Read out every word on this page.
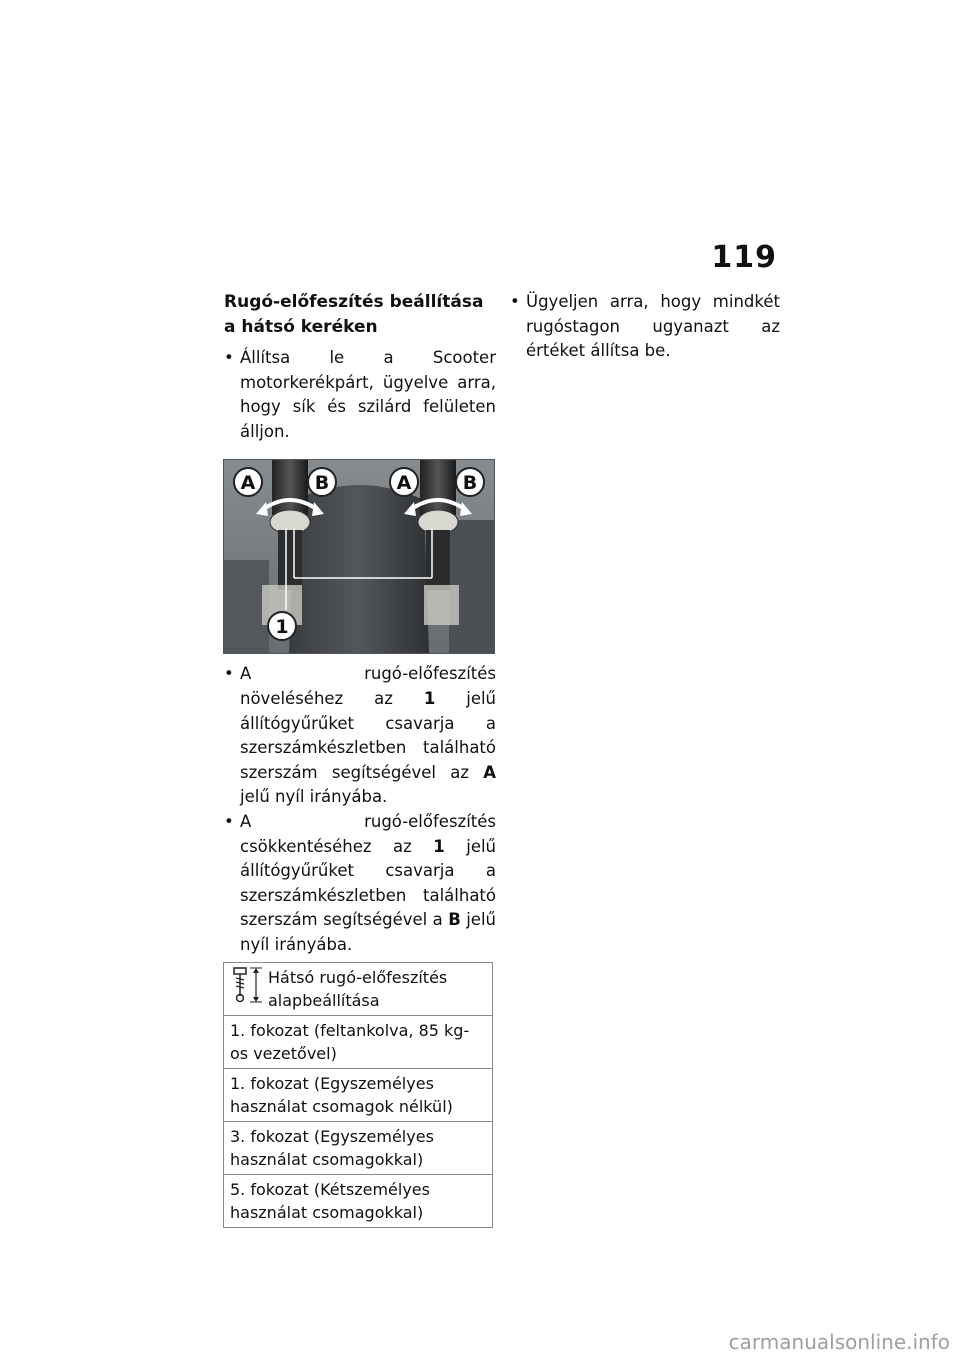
119
Rugó-előfeszítés beállítása a hátsó keréken

• Állítsa le a Scooter motorkerékpárt, ügyelve arra, hogy sík és szilárd felületen álljon.

A	B	A	B
1

• A rugó-előfeszítés növeléséhez az 1 jelű állítógyűrűket csavarja a szerszámkészletben található szerszám segítségével az A jelű nyíl irányába.

• A rugó-előfeszítés csökkentéséhez az 1 jelű állítógyűrűket csavarja a szerszámkészletben található szerszám segítségével a B jelű nyíl irányába.

Hátsó rugó-előfeszítés alapbeállítása

1. fokozat (feltankolva, 85 kg-os vezetővel)
1. fokozat (Egyszemélyes használat csomagok nélkül)
3. fokozat (Egyszemélyes használat csomagokkal)
5. fokozat (Kétszemélyes használat csomagokkal)

• Ügyeljen arra, hogy mindkét rugóstagon ugyanazt az értéket állítsa be.

carmanualsonline.info
